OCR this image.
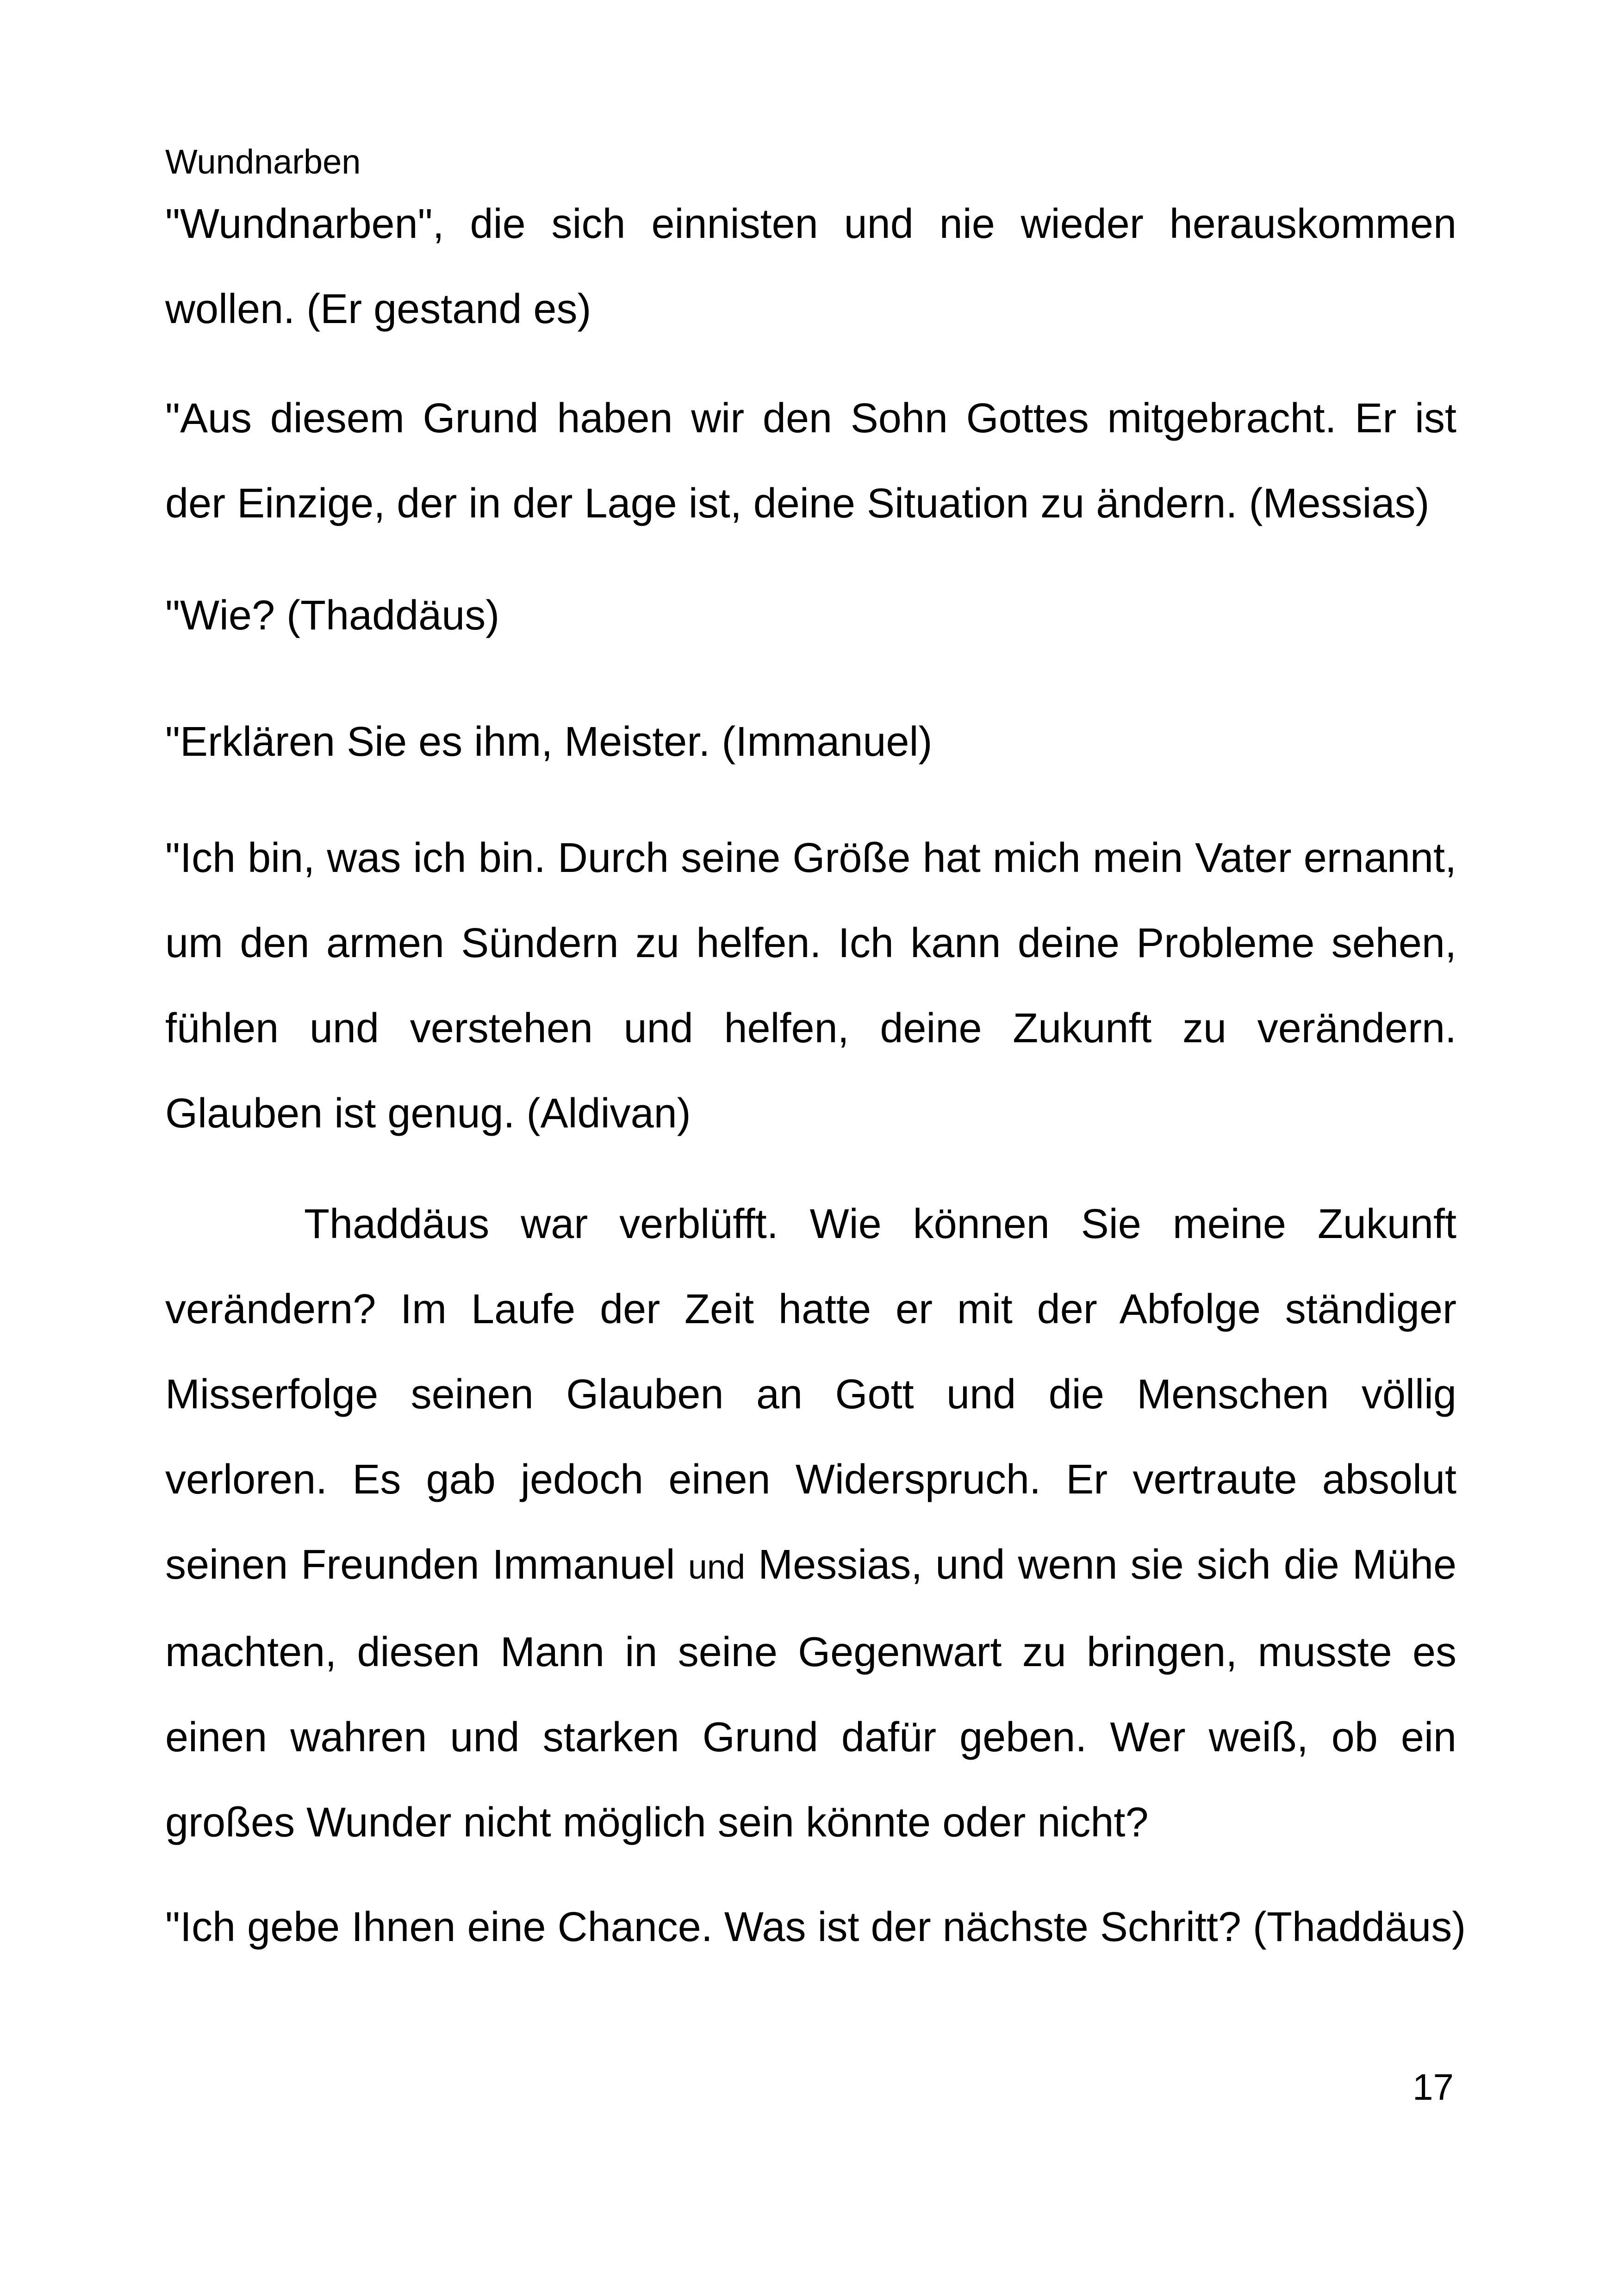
Wundnarben

"Wundnarben", die sich einnisten und nie wieder herauskommen wollen. (Er gestand es)

"Aus diesem Grund haben wir den Sohn Gottes mitgebracht. Er ist der Einzige, der in der Lage ist, deine Situation zu ändern. (Messias)

"Wie? (Thaddäus)

"Erklären Sie es ihm, Meister. (Immanuel)

"Ich bin, was ich bin. Durch seine Größe hat mich mein Vater ernannt, um den armen Sündern zu helfen. Ich kann deine Probleme sehen, fühlen und verstehen und helfen, deine Zukunft zu verändern. Glauben ist genug. (Aldivan)

Thaddäus war verblüfft. Wie können Sie meine Zukunft verändern? Im Laufe der Zeit hatte er mit der Abfolge ständiger Misserfolge seinen Glauben an Gott und die Menschen völlig verloren. Es gab jedoch einen Widerspruch. Er vertraute absolut seinen Freunden Immanuel und Messias, und wenn sie sich die Mühe machten, diesen Mann in seine Gegenwart zu bringen, musste es einen wahren und starken Grund dafür geben. Wer weiß, ob ein großes Wunder nicht möglich sein könnte oder nicht?

"Ich gebe Ihnen eine Chance. Was ist der nächste Schritt? (Thaddäus)

17
